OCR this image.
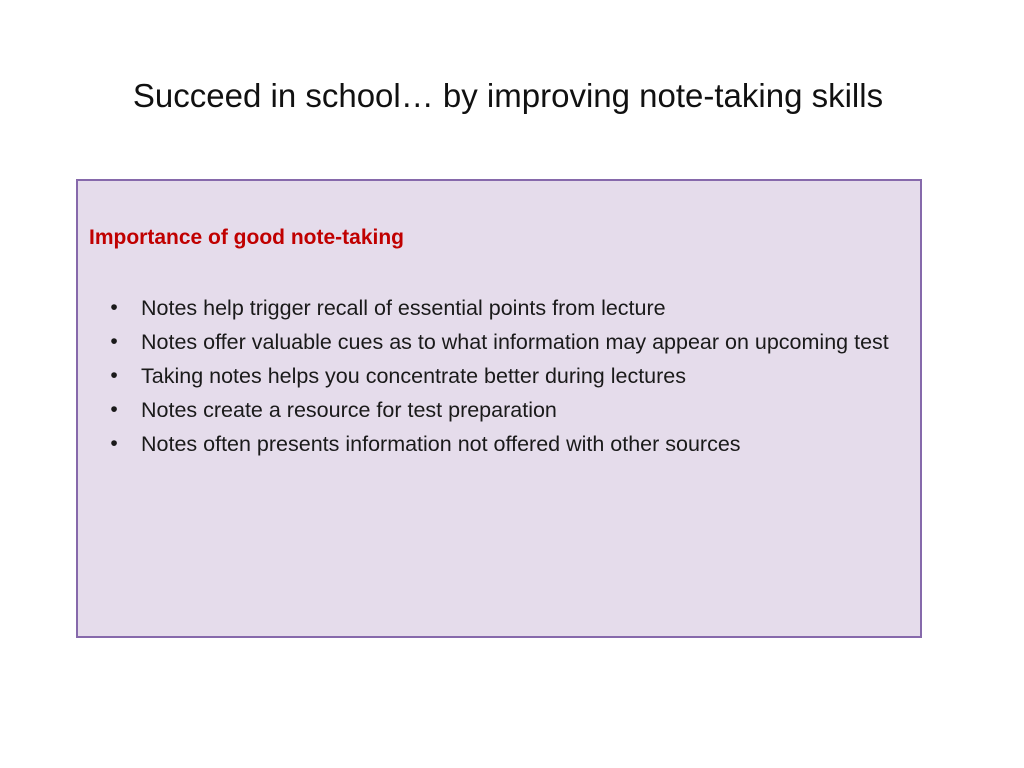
Succeed in school… by improving note-taking skills
Importance of good note-taking
• Notes help trigger recall of essential points from lecture
• Notes offer valuable cues as to what information may appear on upcoming test
• Taking notes helps you concentrate better during lectures
• Notes create a resource for test preparation
• Notes often presents information not offered with other sources
